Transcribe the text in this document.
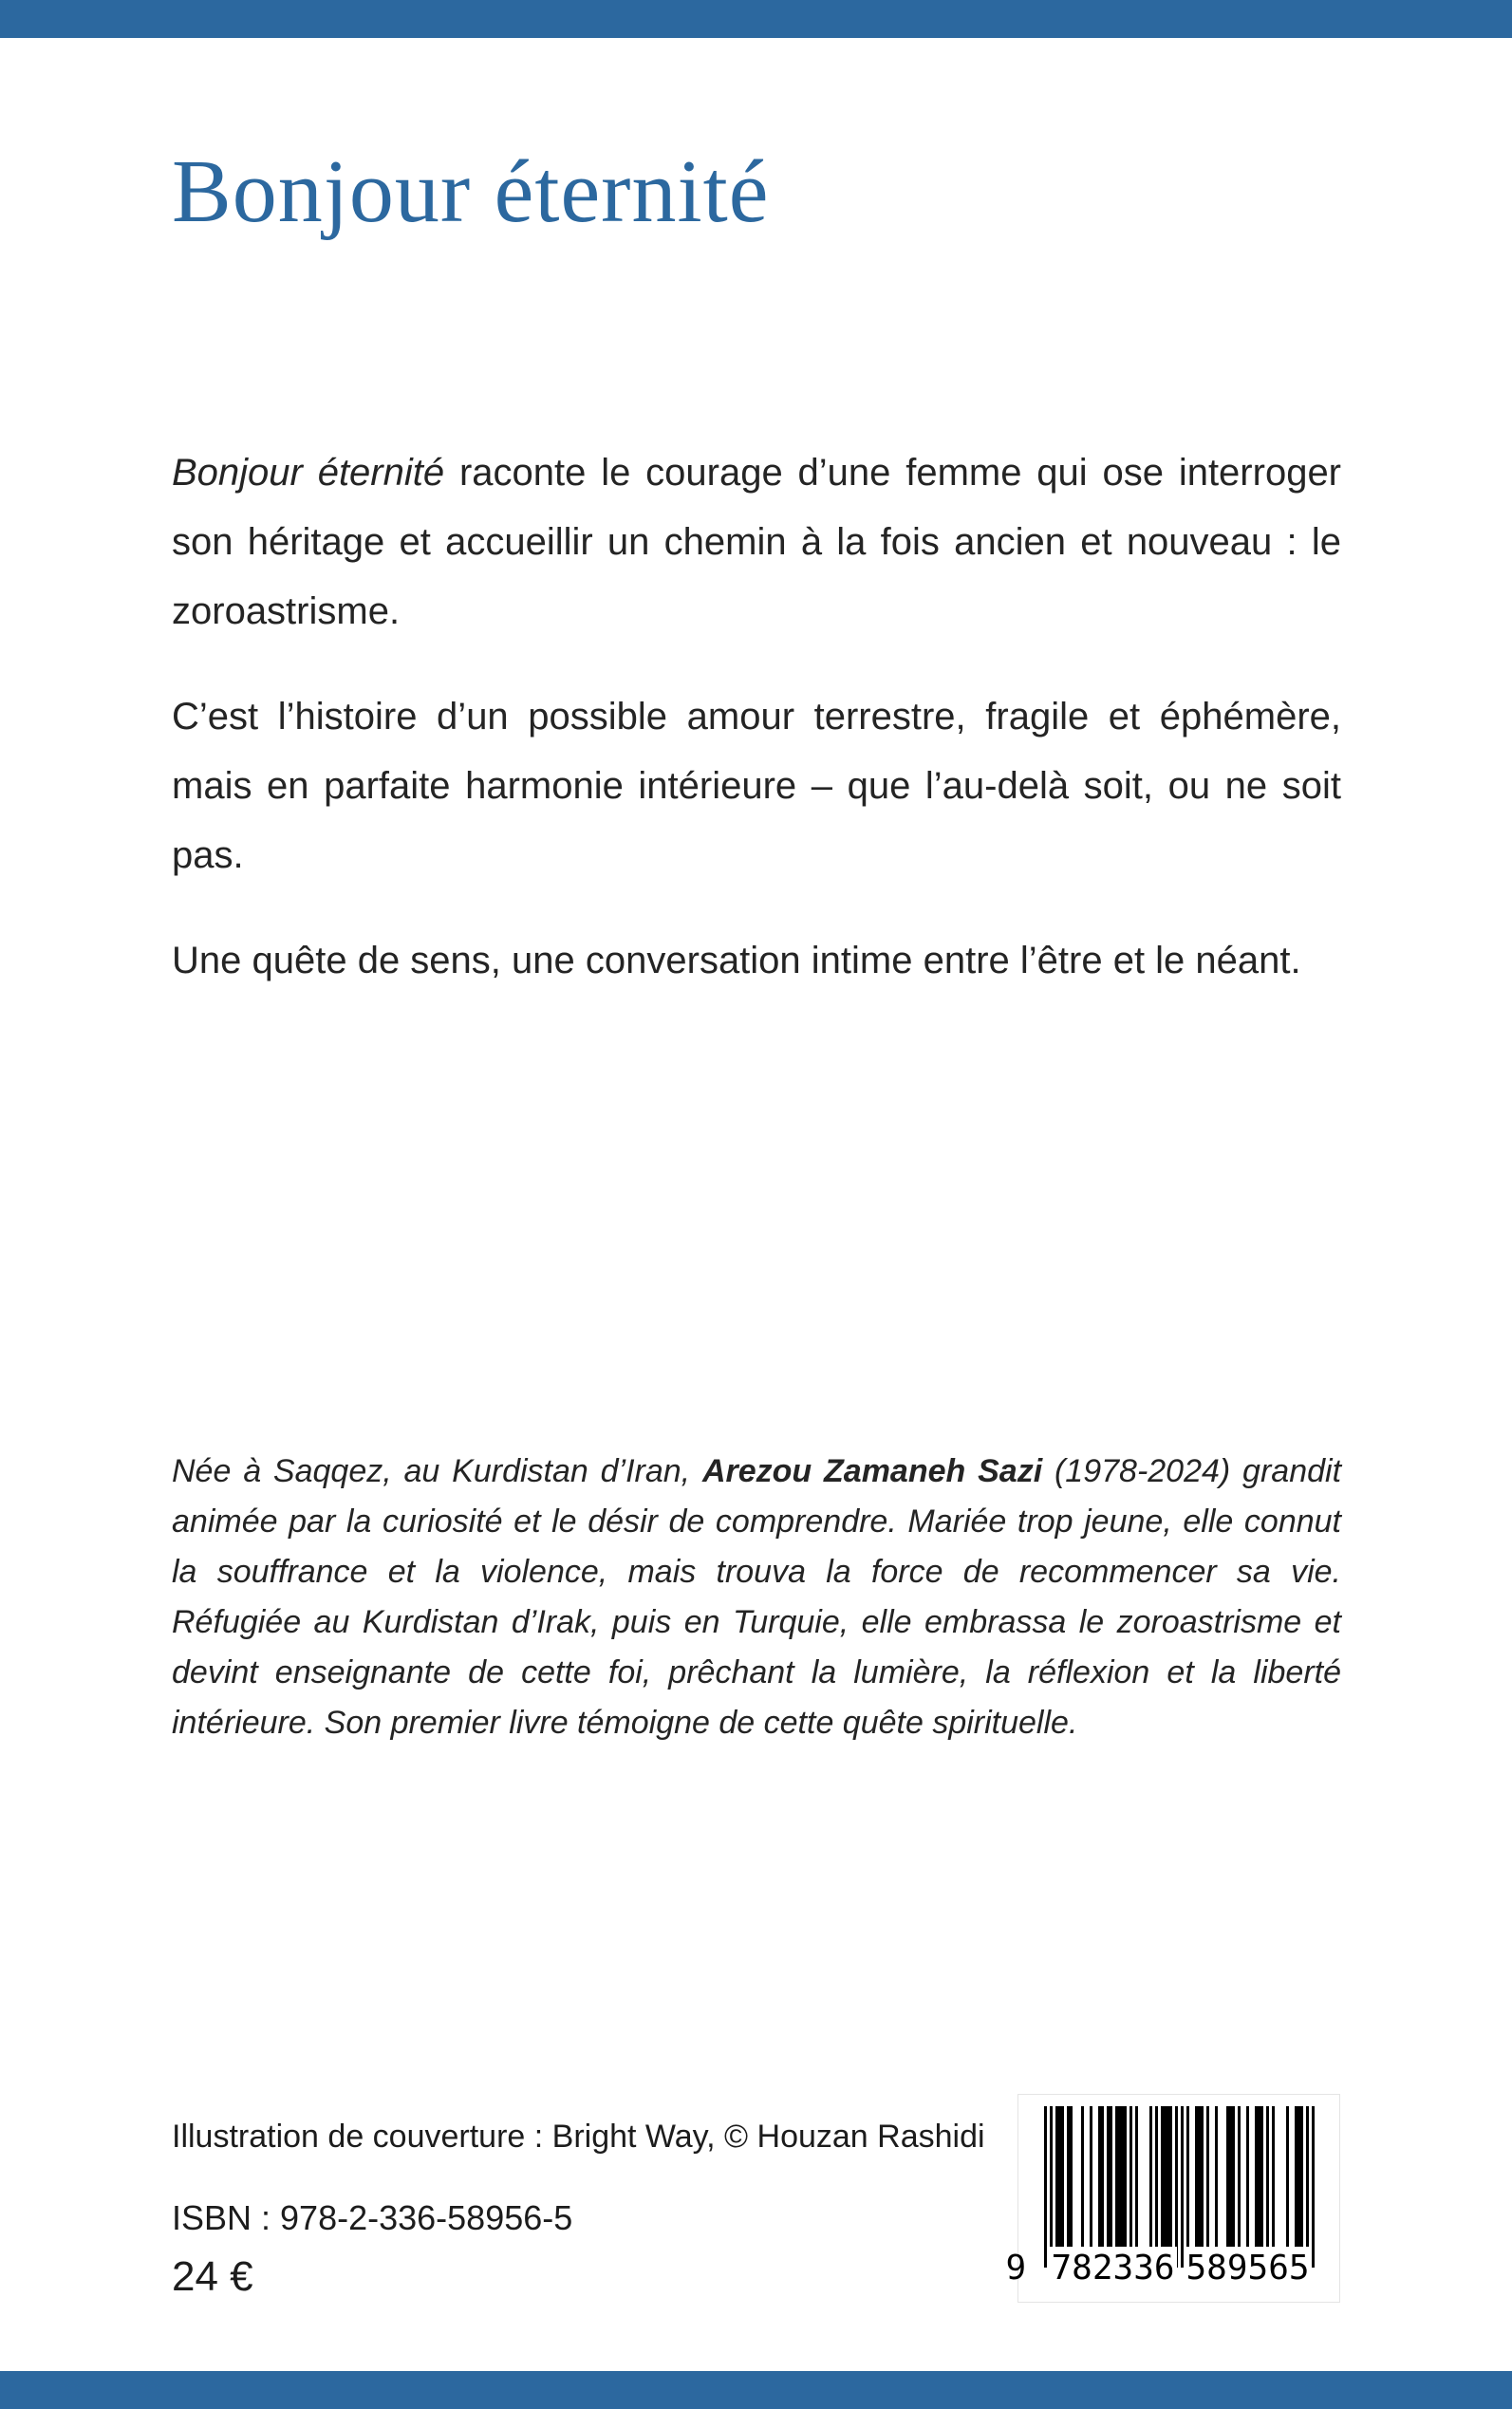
Bonjour éternité

Bonjour éternité raconte le courage d’une femme qui ose interroger son héritage et accueillir un chemin à la fois ancien et nouveau : le zoroastrisme.

C’est l’histoire d’un possible amour terrestre, fragile et éphémère, mais en parfaite harmonie intérieure – que l’au-delà soit, ou ne soit pas.

Une quête de sens, une conversation intime entre l’être et le néant.

Née à Saqqez, au Kurdistan d’Iran, Arezou Zamaneh Sazi (1978-2024) grandit animée par la curiosité et le désir de comprendre. Mariée trop jeune, elle connut la souffrance et la violence, mais trouva la force de recommencer sa vie. Réfugiée au Kurdistan d’Irak, puis en Turquie, elle embrassa le zoroastrisme et devint enseignante de cette foi, prêchant la lumière, la réflexion et la liberté intérieure. Son premier livre témoigne de cette quête spirituelle.

Illustration de couverture : Bright Way, © Houzan Rashidi
ISBN : 978-2-336-58956-5
24 €	9 782336 589565
